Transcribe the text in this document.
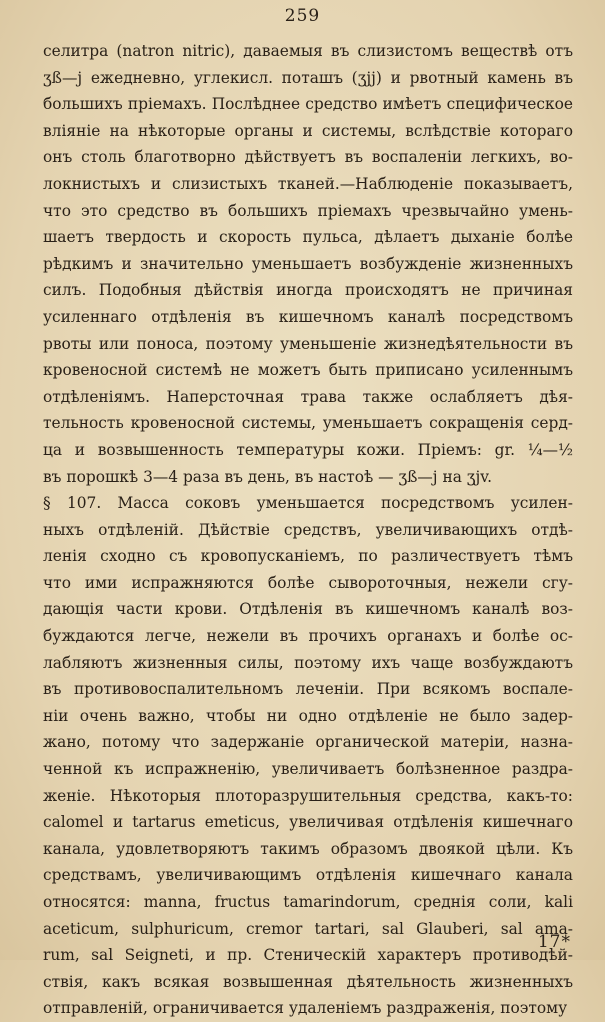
259
селитра (natron nitric), даваемыя въ слизистомъ веществѣ отъ
ʒß—j ежедневно, углекисл. поташъ (ʒjj) и рвотный камень въ
большихъ пріемахъ. Послѣднее средство имѣетъ специфическое
вліяніе на нѣкоторые органы и системы, вслѣдствіе котораго
онъ столь благотворно дѣйствуетъ въ воспаленіи легкихъ, во-
локнистыхъ и слизистыхъ тканей.—Наблюденіе показываетъ,
что это средство въ большихъ пріемахъ чрезвычайно умень-
шаетъ твердость и скорость пульса, дѣлаетъ дыханіе болѣе
рѣдкимъ и значительно уменьшаетъ возбужденіе жизненныхъ
силъ. Подобныя дѣйствія иногда происходятъ не причиная
усиленнаго отдѣленія въ кишечномъ каналѣ посредствомъ
рвоты или поноса, поэтому уменьшеніе жизнедѣятельности въ
кровеносной системѣ не можетъ быть приписано усиленнымъ
отдѣленіямъ. Наперсточная трава также ослабляетъ дѣя-
тельность кровеносной системы, уменьшаетъ сокращенія серд-
ца и возвышенность температуры кожи. Пріемъ: gr. ¼—½
въ порошкѣ 3—4 раза въ день, въ настоѣ — ʒß—j на ʒjv.
§ 107. Масса соковъ уменьшается посредствомъ усилен-
ныхъ отдѣленій. Дѣйствіе средствъ, увеличивающихъ отдѣ-
ленія сходно съ кровопусканіемъ, по различествуетъ тѣмъ
что ими испражняются болѣе сывороточныя, нежели сгу-
дающія части крови. Отдѣленія въ кишечномъ каналѣ воз-
буждаются легче, нежели въ прочихъ органахъ и болѣе ос-
лабляютъ жизненныя силы, поэтому ихъ чаще возбуждаютъ
въ противовоспалительномъ леченіи. При всякомъ воспале-
ніи очень важно, чтобы ни одно отдѣленіе не было задер-
жано, потому что задержаніе органической матеріи, назна-
ченной къ испражненію, увеличиваетъ болѣзненное раздра-
женіе. Нѣкоторыя плоторазрушительныя средства, какъ-то:
calomel и tartarus emeticus, увеличивая отдѣленія кишечнаго
канала, удовлетворяютъ такимъ образомъ двоякой цѣли. Къ
средствамъ, увеличивающимъ отдѣленія кишечнаго канала
относятся: manna, fructus tamarindorum, среднія соли, kali
aceticum, sulphuricum, cremor tartari, sal Glauberi, sal ama-
rum, sal Seigneti, и пр. Стеническій характеръ противодѣй-
ствія, какъ всякая возвышенная дѣятельность жизненныхъ
отправленій, ограничивается удаленіемъ раздраженія, поэтому
17*
